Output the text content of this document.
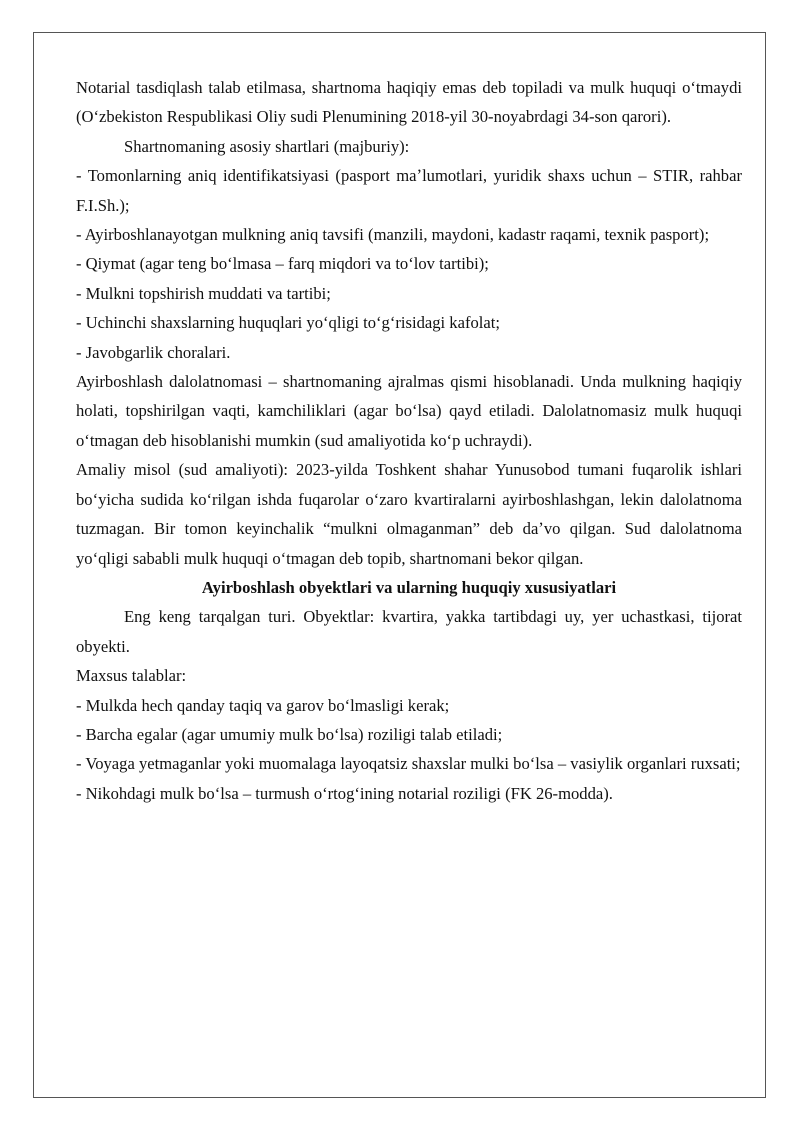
Notarial tasdiqlash talab etilmasa, shartnoma haqiqiy emas deb topiladi va mulk huquqi oʻtmaydi (Oʻzbekiston Respublikasi Oliy sudi Plenumining 2018-yil 30-noyabrdagi 34-son qarori).

Shartnomaning asosiy shartlari (majburiy):

- Tomonlarning aniq identifikatsiyasi (pasport maʼlumotlari, yuridik shaxs uchun – STIR, rahbar F.I.Sh.);

- Ayirboshlanayotgan mulkning aniq tavsifi (manzili, maydoni, kadastr raqami, texnik pasport);

- Qiymat (agar teng boʻlmasa – farq miqdori va toʻlov tartibi);

- Mulkni topshirish muddati va tartibi;

- Uchinchi shaxslarning huquqlari yoʻqligi toʻgʻrisidagi kafolat;

- Javobgarlik choralari.

Ayirboshlash dalolatnomasi – shartnomaning ajralmas qismi hisoblanadi. Unda mulkning haqiqiy holati, topshirilgan vaqti, kamchiliklari (agar boʻlsa) qayd etiladi. Dalolatnomasiz mulk huquqi oʻtmagan deb hisoblanishi mumkin (sud amaliyotida koʻp uchraydi).

Amaliy misol (sud amaliyoti): 2023-yilda Toshkent shahar Yunusobod tumani fuqarolik ishlari boʻyicha sudida koʻrilgan ishda fuqarolar oʻzaro kvartiralarni ayirboshlashgan, lekin dalolatnoma tuzmagan. Bir tomon keyinchalik “mulkni olmaganman” deb daʼvo qilgan. Sud dalolatnoma yoʻqligi sababli mulk huquqi oʻtmagan deb topib, shartnomani bekor qilgan.

Ayirboshlash obyektlari va ularning huquqiy xususiyatlari

Eng keng tarqalgan turi. Obyektlar: kvartira, yakka tartibdagi uy, yer uchastkasi, tijorat obyekti.

Maxsus talablar:

- Mulkda hech qanday taqiq va garov boʻlmasligi kerak;

- Barcha egalar (agar umumiy mulk boʻlsa) roziligi talab etiladi;

- Voyaga yetmaganlar yoki muomalaga layoqatsiz shaxslar mulki boʻlsa – vasiylik organlari ruxsati;

- Nikohdagi mulk boʻlsa – turmush oʻrtogʻining notarial roziligi (FK 26-modda).
